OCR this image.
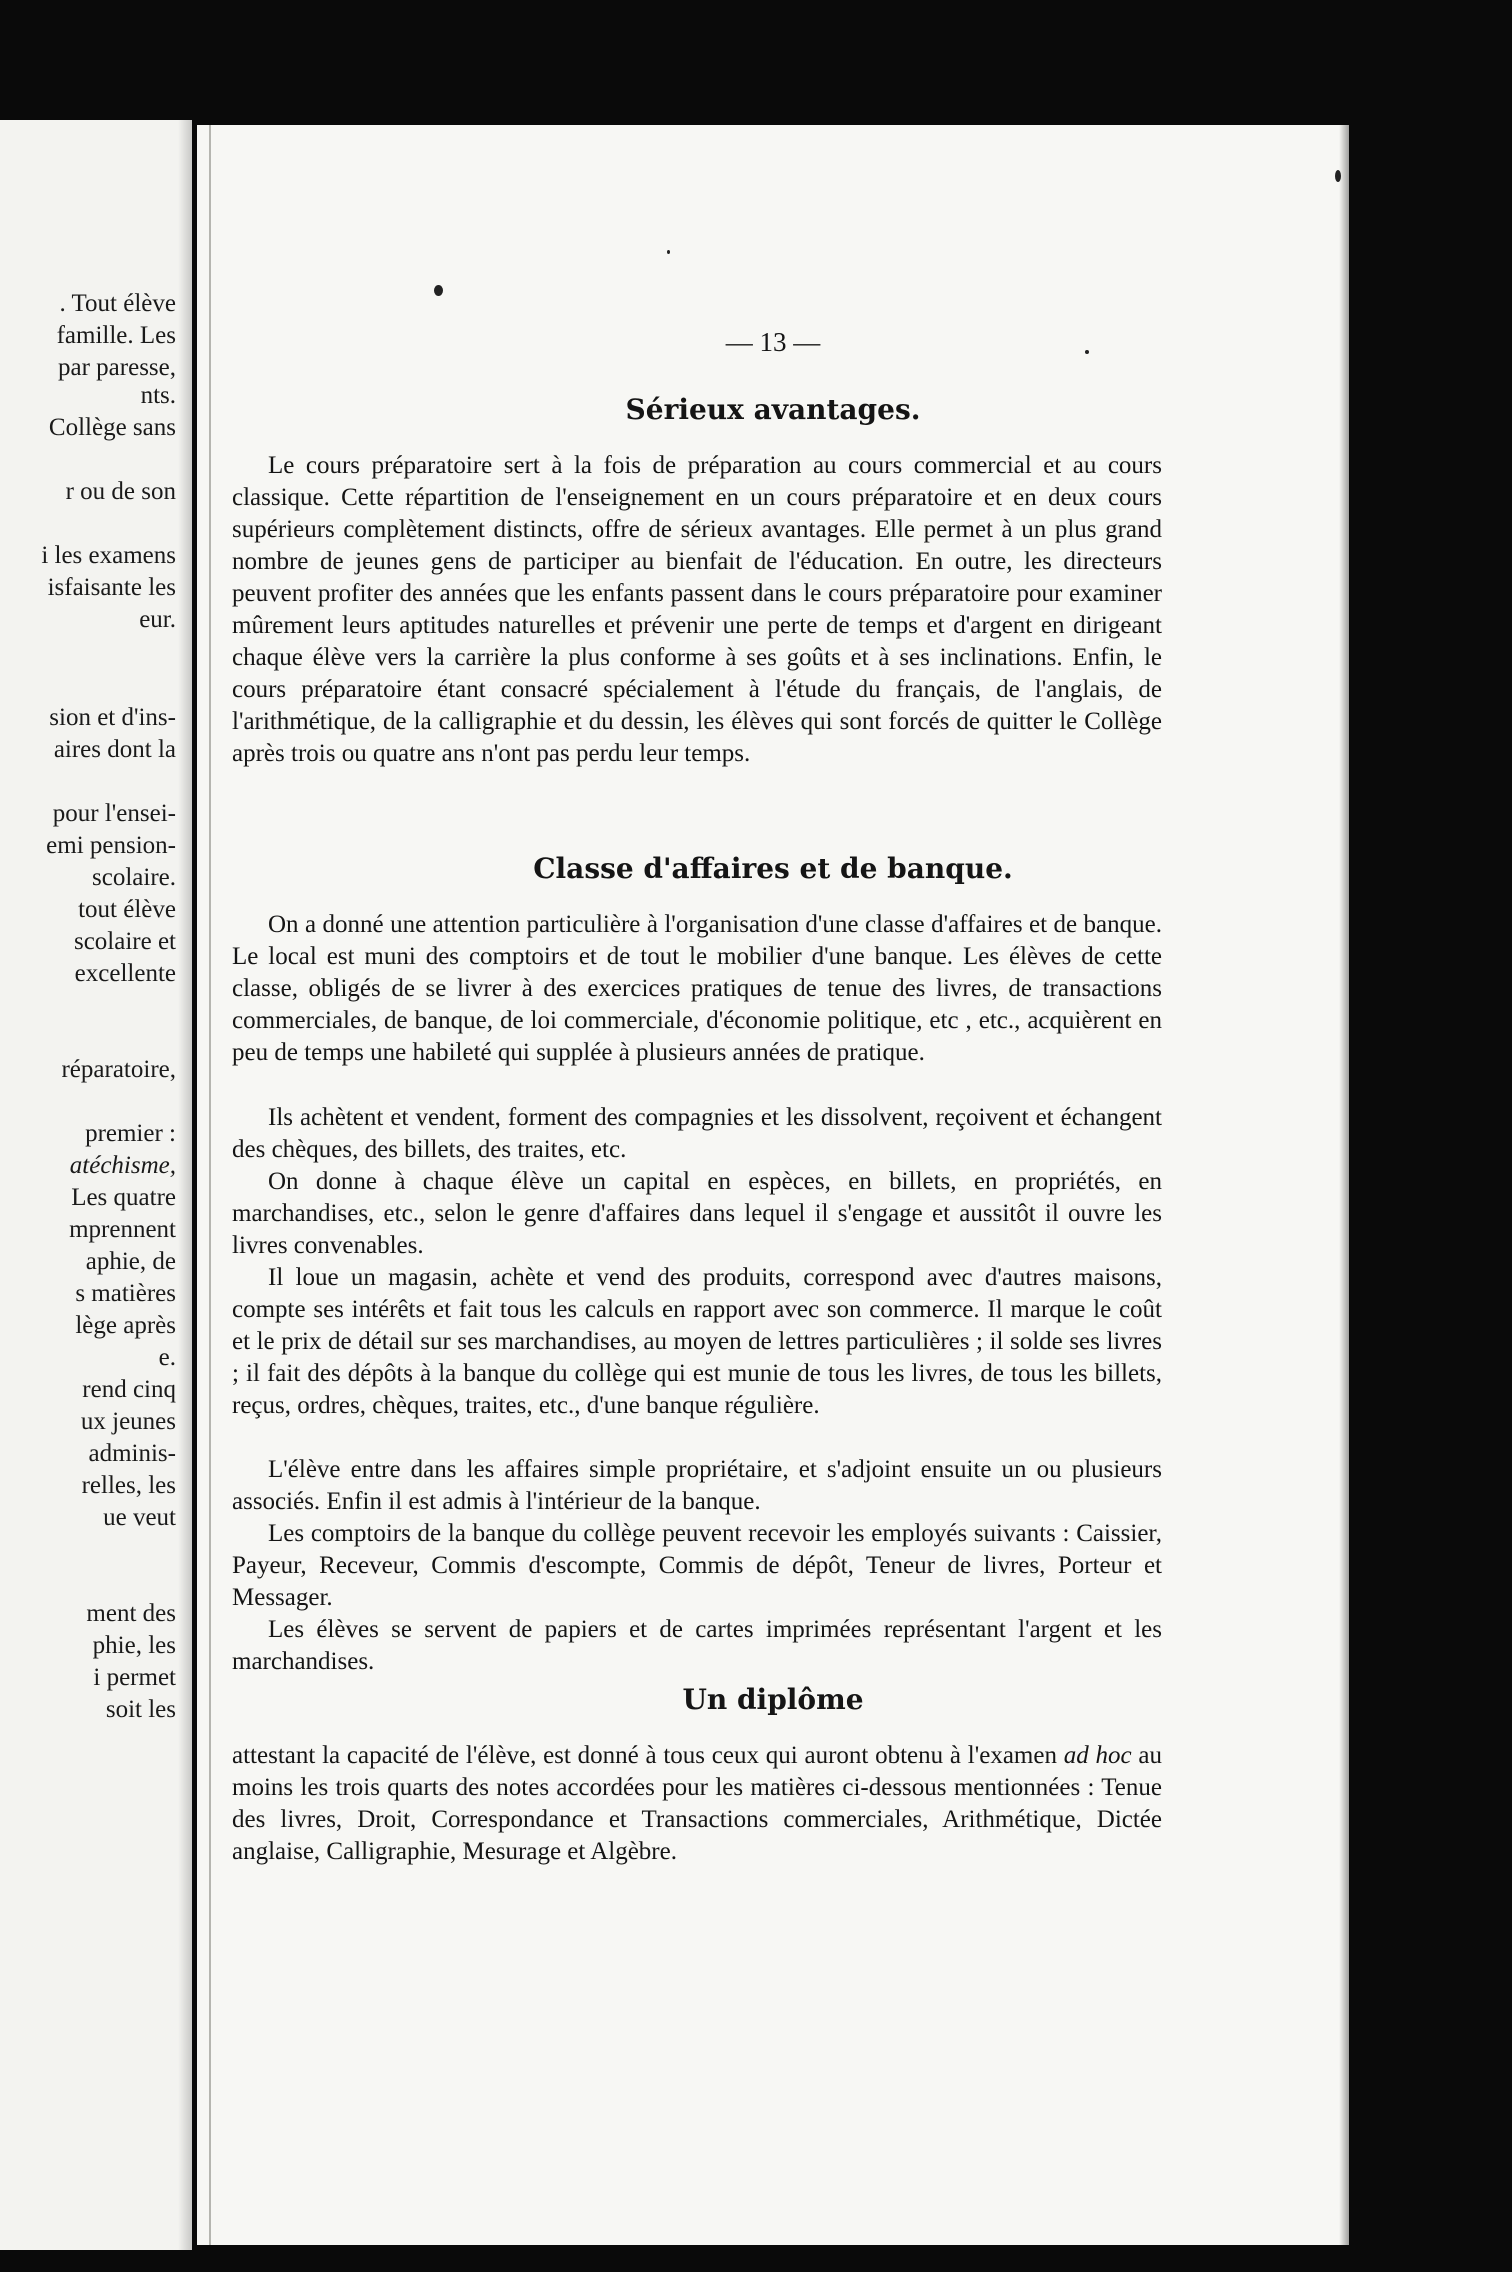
. Tout élève
famille. Les
par paresse,
nts.
Collège sans
r ou de son
i les examens
isfaisante les
eur.
sion et d'ins-
aires dont la
pour l'ensei-
emi pension-
scolaire.
tout élève
scolaire et
excellente
réparatoire,
premier :
atéchisme,
Les quatre
mprennent
aphie, de
s matières
lège après
e.
rend cinq
ux jeunes
adminis-
relles, les
ue veut
ment des
phie, les
i permet
soit les
— 13 —
Sérieux avantages.

Le cours préparatoire sert à la fois de préparation au cours commercial et au cours classique. Cette répartition de l'enseignement en un cours préparatoire et en deux cours supérieurs complètement distincts, offre de sérieux avantages. Elle permet à un plus grand nombre de jeunes gens de participer au bienfait de l'éducation. En outre, les directeurs peuvent profiter des années que les enfants passent dans le cours préparatoire pour examiner mûrement leurs aptitudes naturelles et prévenir une perte de temps et d'argent en dirigeant chaque élève vers la carrière la plus conforme à ses goûts et à ses inclinations. Enfin, le cours préparatoire étant consacré spécialement à l'étude du français, de l'anglais, de l'arithmétique, de la calligraphie et du dessin, les élèves qui sont forcés de quitter le Collège après trois ou quatre ans n'ont pas perdu leur temps.

Classe d'affaires et de banque.

On a donné une attention particulière à l'organisation d'une classe d'affaires et de banque. Le local est muni des comptoirs et de tout le mobilier d'une banque. Les élèves de cette classe, obligés de se livrer à des exercices pratiques de tenue des livres, de transactions commerciales, de banque, de loi commerciale, d'économie politique, etc , etc., acquièrent en peu de temps une habileté qui supplée à plusieurs années de pratique.

Ils achètent et vendent, forment des compagnies et les dissolvent, reçoivent et échangent des chèques, des billets, des traites, etc.

On donne à chaque élève un capital en espèces, en billets, en propriétés, en marchandises, etc., selon le genre d'affaires dans lequel il s'engage et aussitôt il ouvre les livres convenables.

Il loue un magasin, achète et vend des produits, correspond avec d'autres maisons, compte ses intérêts et fait tous les calculs en rapport avec son commerce. Il marque le coût et le prix de détail sur ses marchandises, au moyen de lettres particulières ; il solde ses livres ; il fait des dépôts à la banque du collège qui est munie de tous les livres, de tous les billets, reçus, ordres, chèques, traites, etc., d'une banque régulière.

L'élève entre dans les affaires simple propriétaire, et s'adjoint ensuite un ou plusieurs associés. Enfin il est admis à l'intérieur de la banque.

Les comptoirs de la banque du collège peuvent recevoir les employés suivants : Caissier, Payeur, Receveur, Commis d'escompte, Commis de dépôt, Teneur de livres, Porteur et Messager.

Les élèves se servent de papiers et de cartes imprimées représentant l'argent et les marchandises.

Un diplôme

attestant la capacité de l'élève, est donné à tous ceux qui auront obtenu à l'examen ad hoc au moins les trois quarts des notes accordées pour les matières ci-dessous mentionnées : Tenue des livres, Droit, Correspondance et Transactions commerciales, Arithmétique, Dictée anglaise, Calligraphie, Mesurage et Algèbre.
